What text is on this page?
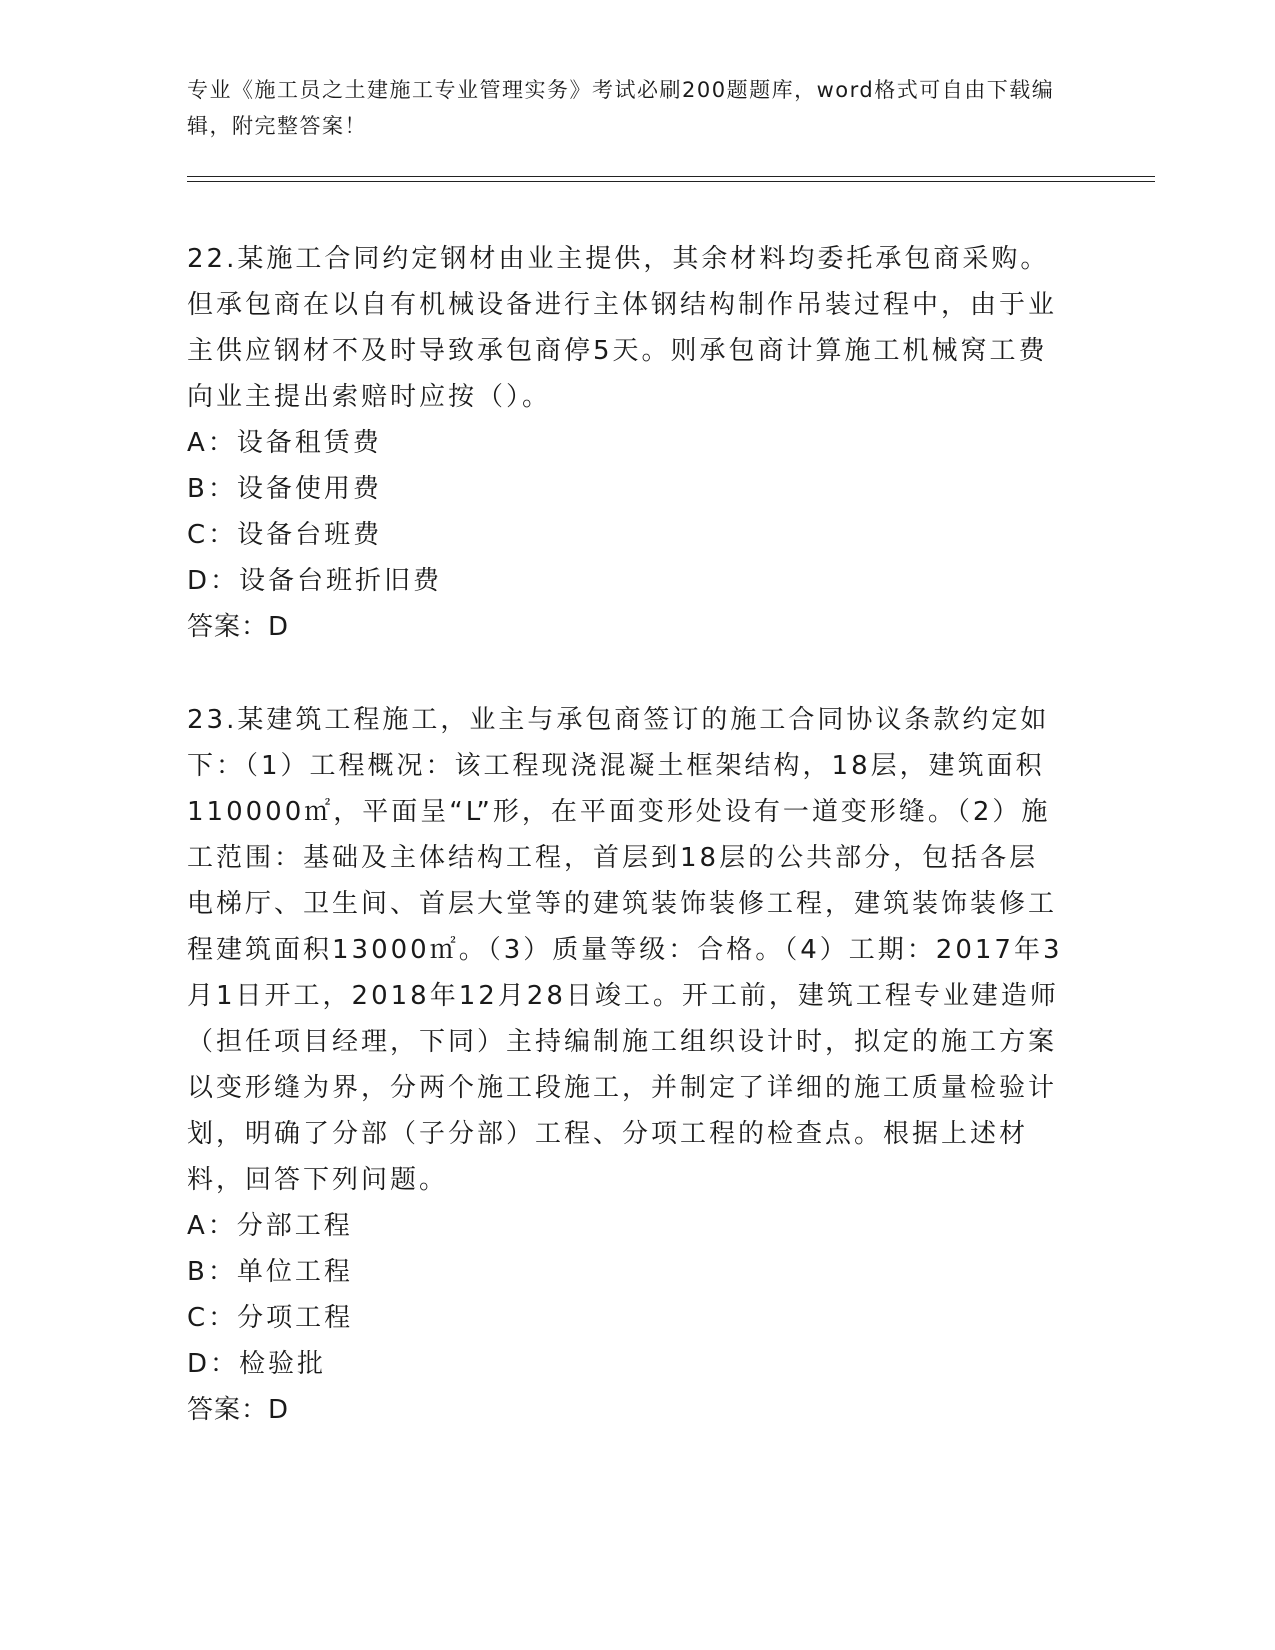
专业《施工员之土建施工专业管理实务》考试必刷200题题库，word格式可自由下载编辑，附完整答案！

22.某施工合同约定钢材由业主提供，其余材料均委托承包商采购。但承包商在以自有机械设备进行主体钢结构制作吊装过程中，由于业主供应钢材不及时导致承包商停5天。则承包商计算施工机械窝工费向业主提出索赔时应按（）。

A：设备租赁费

B：设备使用费

C：设备台班费

D：设备台班折旧费

答案：D

23.某建筑工程施工，业主与承包商签订的施工合同协议条款约定如下：（1）工程概况：该工程现浇混凝土框架结构，18层，建筑面积110000㎡，平面呈“L”形，在平面变形处设有一道变形缝。（2）施工范围：基础及主体结构工程，首层到18层的公共部分，包括各层电梯厅、卫生间、首层大堂等的建筑装饰装修工程，建筑装饰装修工程建筑面积13000㎡。（3）质量等级：合格。（4）工期：2017年3月1日开工，2018年12月28日竣工。开工前，建筑工程专业建造师（担任项目经理，下同）主持编制施工组织设计时，拟定的施工方案以变形缝为界，分两个施工段施工，并制定了详细的施工质量检验计划，明确了分部（子分部）工程、分项工程的检查点。根据上述材料，回答下列问题。

A：分部工程

B：单位工程

C：分项工程

D：检验批

答案：D
